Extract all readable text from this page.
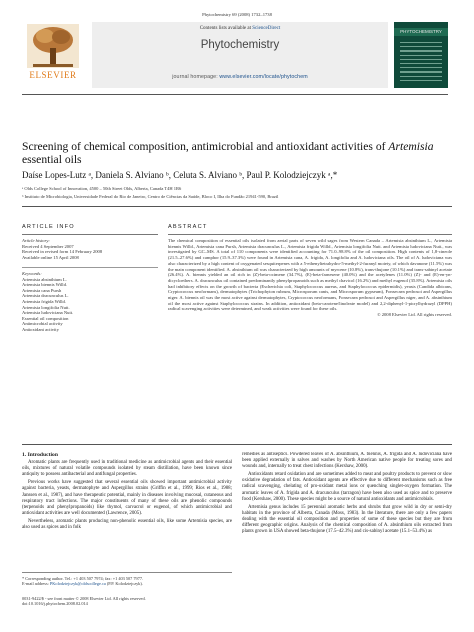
Phytochemistry 69 (2008) 1732–1738
ELSEVIER
Contents lists available at ScienceDirect
Phytochemistry
journal homepage: www.elsevier.com/locate/phytochem
PHYTOCHEMISTRY
Screening of chemical composition, antimicrobial and antioxidant activities of Artemisia essential oils
Daíse Lopes-Lutz ᵃ, Daniela S. Alviano ᵇ, Celuta S. Alviano ᵇ, Paul P. Kolodziejczyk ᵃ,*
ᵃ Olds College School of Innovation, 4500 – 50th Street Olds, Alberta, Canada T4H 1R6
ᵇ Instituto de Microbiologia, Universidade Federal do Rio de Janeiro, Centro de Ciências da Saúde, Bloco I, Ilha do Fundão 21941-590, Brazil
ARTICLE INFO	ABSTRACT
Article history:
Received 4 September 2007
Received in revised form 14 February 2008
Available online 15 April 2008
Keywords:
Artemisia absinthium L.
Artemisia biennis Willd.
Artemisia cana Pursh
Artemisia dracunculus L.
Artemisia frigida Willd.
Artemisia longifolia Nutt.
Artemisia ludoviciana Nutt.
Essential oil composition
Antimicrobial activity
Antioxidant activity

The chemical composition of essential oils isolated from aerial parts of seven wild sages from Western Canada – Artemisia absinthium L., Artemisia biennis Willd., Artemisia cana Pursh, Artemisia dracunculus L., Artemisia frigida Willd., Artemisia longifolia Nutt. and Artemisia ludoviciana Nutt., was investigated by GC–MS. A total of 110 components were identified accounting for 71.0–98.8% of the oil composition. High contents of 1,8-cineole (21.5–27.6%) and camphor (15.9–37.3%) were found in Artemisia cana, A. frigida, A. longifolia and A. ludoviciana oils. The oil of A. ludoviciana was also characterized by a high content of oxygenated sesquiterpenes with a 5-ethenyltetrahydro-5-methyl-2-furanyl moiety, of which davanone (11.5%) was the main component identified. A. absinthium oil was characterized by high amounts of myrcene (10.8%), trans-thujone (10.1%) and trans-sabinyl acetate (26.4%). A. biennis yielded an oil rich in (Z)-beta-ocimene (34.7%), (E)-beta-farnesene (40.0%) and the acetylenes (11.0%) (Z)- and (E)-en-yn-dicycloethers. A. dracunculus oil contained predominantly phenylpropanoids such as methyl chavicol (16.2%) and methyl eugenol (35.8%). Artemisia oils had inhibitory effects on the growth of bacteria (Escherichia coli, Staphylococcus aureus, and Staphylococcus epidermidis), yeasts (Candida albicans, Cryptococcus neoformans), dermatophytes (Trichophyton rubrum, Microsporum canis, and Microsporum gypseum), Fonsecaea pedrosoi and Aspergillus niger. A. biennis oil was the most active against dermatophytes, Cryptococcus neoformans, Fonsecaea pedrosoi and Aspergillus niger, and A. absinthium oil the most active against Staphylococcus strains. In addition, antioxidant (beta-carotene/linoleate model) and 2,2-diphenyl-1-picrylhydrazyl (DPPH) radical scavenging activities were determined, and weak activities were found for these oils.

© 2008 Elsevier Ltd. All rights reserved.

1. Introduction

Aromatic plants are frequently used in traditional medicine as antimicrobial agents and their essential oils, mixtures of natural volatile compounds isolated by steam distillation, have been known since antiquity to possess antibacterial and antifungal properties.

Previous works have suggested that several essential oils showed important antimicrobial activity against bacteria, yeasts, dermatophyte and Aspergillus strains (Griffin et al., 1999; Rios et al., 1988; Janssen et al., 1987), and have therapeutic potential, mainly in diseases involving mucosal, cutaneous and respiratory tract infections. The major constituents of many of these oils are phenolic compounds (terpenoids and phenylpropanoids) like thymol, carvacrol or eugenol, of which antimicrobial and antioxidant activities are well documented (Lawrence, 2005).

Nevertheless, aromatic plants producing non-phenolic essential oils, like some Artemisia species, are also used as spices and in folk

* Corresponding author. Tel.: +1 403 507 7974; fax: +1 403 507 7977.
E-mail address: PKolodziejczyk@oldscollege.ca (P.P. Kolodziejczyk).
0031-9422/$ - see front matter © 2008 Elsevier Ltd. All rights reserved.
doi:10.1016/j.phytochem.2008.02.014

remedies as antiseptics. Powdered leaves of A. absinthium, A. biennis, A. frigida and A. ludoviciana have been applied externally in salves and washes by North American native people for treating sores and wounds and, internally to treat chest infections (Kershaw, 2000).

Antioxidants retard oxidation and are sometimes added to meat and poultry products to prevent or slow oxidative degradation of fats. Antioxidant agents are effective due to different mechanisms such as free radical scavenging, chelating of pro-oxidant metal ions or quenching singlet-oxygen formation. The aromatic leaves of A. frigida and A. dracunculus (tarragon) have been also used as spice and to preserve food (Kershaw, 2000). These species might be a source of natural antioxidants and antimicrobials.

Artemisia genus includes 15 perennial aromatic herbs and shrubs that grow wild in dry or semi-dry habitats in the province of Alberta, Canada (Moss, 1983). In the literature, there are only a few papers dealing with the essential oil composition and properties of some of these species but they are from different geographic origins. Analysis of the chemical composition of A. absinthium oils extracted from plants grown in USA showed beta-thujone (17.5–42.3%) and cis-sabinyl acetate (15.1–53.4%) as
